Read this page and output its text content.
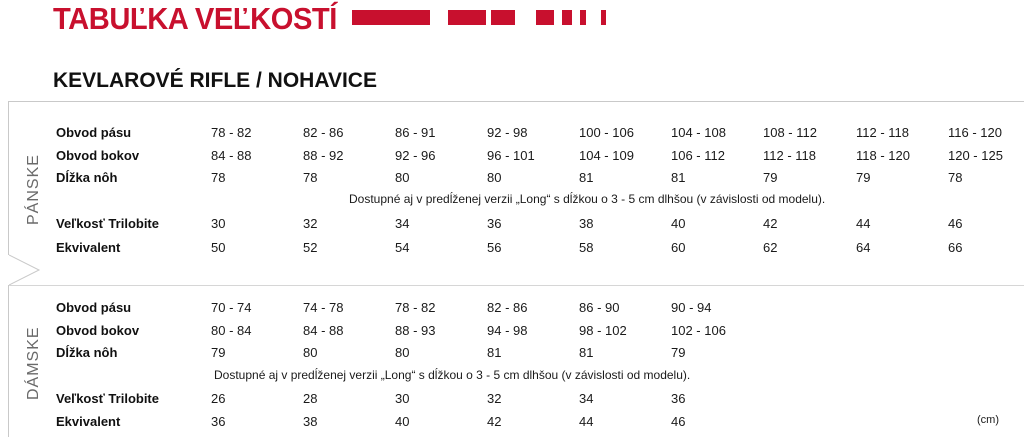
TABUĽKA VEĽKOSTÍ
KEVLAROVÉ RIFLE / NOHAVICE
PÁNSKE
DÁMSKE
Dostupné aj v predĺženej verzii „Long“ s dĺžkou o 3 - 5 cm dlhšou (v závislosti od modelu).
Dostupné aj v predĺženej verzii „Long“ s dĺžkou o 3 - 5 cm dlhšou (v závislosti od modelu).
Obvod pásu	78 - 82	82 - 86	86 - 91	92 - 98	100 - 106	104 - 108	108 - 112	112 - 118	116 - 120
Obvod bokov	84 - 88	88 - 92	92 - 96	96 - 101	104 - 109	106 - 112	112 - 118	118 - 120	120 - 125
Dĺžka nôh	78	78	80	80	81	81	79	79	78
Veľkosť Trilobite	30	32	34	36	38	40	42	44	46
Ekvivalent	50	52	54	56	58	60	62	64	66
Obvod pásu	70 - 74	74 - 78	78 - 82	82 - 86	86 - 90	90 - 94
Obvod bokov	80 - 84	84 - 88	88 - 93	94 - 98	98 - 102	102 - 106
Dĺžka nôh	79	80	80	81	81	79
Veľkosť Trilobite	26	28	30	32	34	36
Ekvivalent	36	38	40	42	44	46	(cm)
